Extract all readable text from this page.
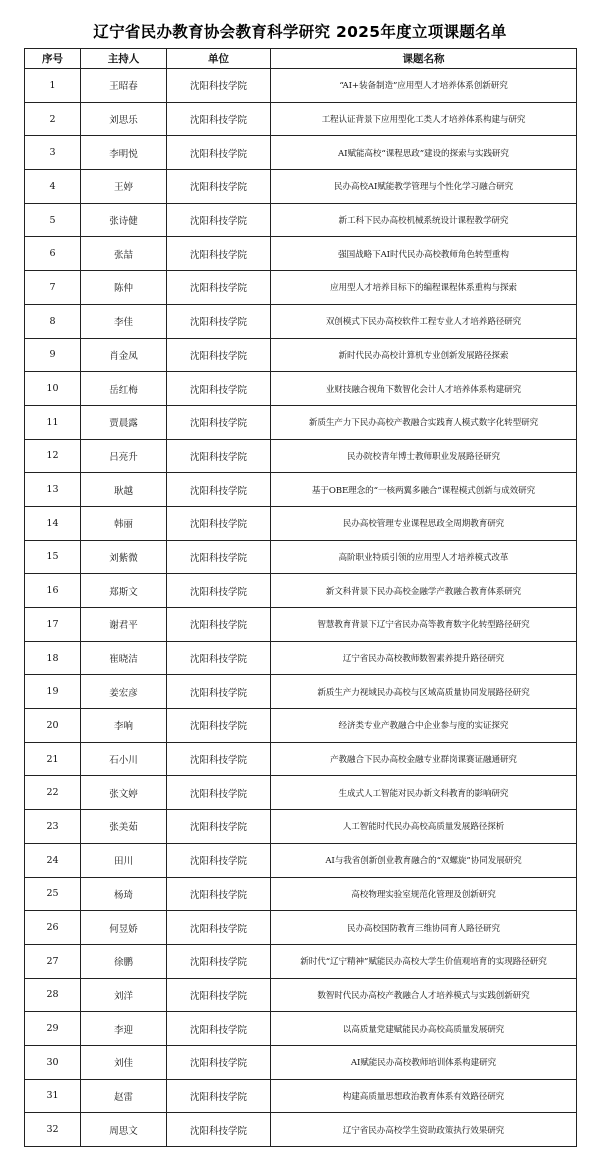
辽宁省民办教育协会教育科学研究 2025年度立项课题名单
序号	主持人	单位	课题名称
1	王昭春	沈阳科技学院	“AI+装备制造”应用型人才培养体系创新研究
2	刘思乐	沈阳科技学院	工程认证背景下应用型化工类人才培养体系构建与研究
3	李明悦	沈阳科技学院	AI赋能高校“课程思政”建设的探索与实践研究
4	王婷	沈阳科技学院	民办高校AI赋能教学管理与个性化学习融合研究
5	张诗健	沈阳科技学院	新工科下民办高校机械系统设计课程教学研究
6	张喆	沈阳科技学院	强国战略下AI时代民办高校教师角色转型重构
7	陈仲	沈阳科技学院	应用型人才培养目标下的编程课程体系重构与探索
8	李佳	沈阳科技学院	双创模式下民办高校软件工程专业人才培养路径研究
9	肖金凤	沈阳科技学院	新时代民办高校计算机专业创新发展路径探索
10	岳红梅	沈阳科技学院	业财技融合视角下数智化会计人才培养体系构建研究
11	贾晨露	沈阳科技学院	新质生产力下民办高校产教融合实践育人模式数字化转型研究
12	吕亮升	沈阳科技学院	民办院校青年博士教师职业发展路径研究
13	耿越	沈阳科技学院	基于OBE理念的“一核两翼多融合”课程模式创新与成效研究
14	韩丽	沈阳科技学院	民办高校管理专业课程思政全周期教育研究
15	刘紫微	沈阳科技学院	高阶职业特质引领的应用型人才培养模式改革
16	郑斯文	沈阳科技学院	新文科背景下民办高校金融学产教融合教育体系研究
17	谢君平	沈阳科技学院	智慧教育背景下辽宁省民办高等教育数字化转型路径研究
18	崔晓洁	沈阳科技学院	辽宁省民办高校教师数智素养提升路径研究
19	姜宏彦	沈阳科技学院	新质生产力视域民办高校与区域高质量协同发展路径研究
20	李响	沈阳科技学院	经济类专业产教融合中企业参与度的实证探究
21	石小川	沈阳科技学院	产教融合下民办高校金融专业群岗课赛证融通研究
22	张文婷	沈阳科技学院	生成式人工智能对民办新文科教育的影响研究
23	张美茹	沈阳科技学院	人工智能时代民办高校高质量发展路径探析
24	田川	沈阳科技学院	AI与我省创新创业教育融合的“双螺旋”协同发展研究
25	杨琦	沈阳科技学院	高校物理实验室规范化管理及创新研究
26	何昱娇	沈阳科技学院	民办高校国防教育三维协同育人路径研究
27	徐鹏	沈阳科技学院	新时代“辽宁精神”赋能民办高校大学生价值观培育的实现路径研究
28	刘洋	沈阳科技学院	数智时代民办高校产教融合人才培养模式与实践创新研究
29	李迎	沈阳科技学院	以高质量党建赋能民办高校高质量发展研究
30	刘佳	沈阳科技学院	AI赋能民办高校教师培训体系构建研究
31	赵雷	沈阳科技学院	构建高质量思想政治教育体系有效路径研究
32	周思文	沈阳科技学院	辽宁省民办高校学生资助政策执行效果研究
